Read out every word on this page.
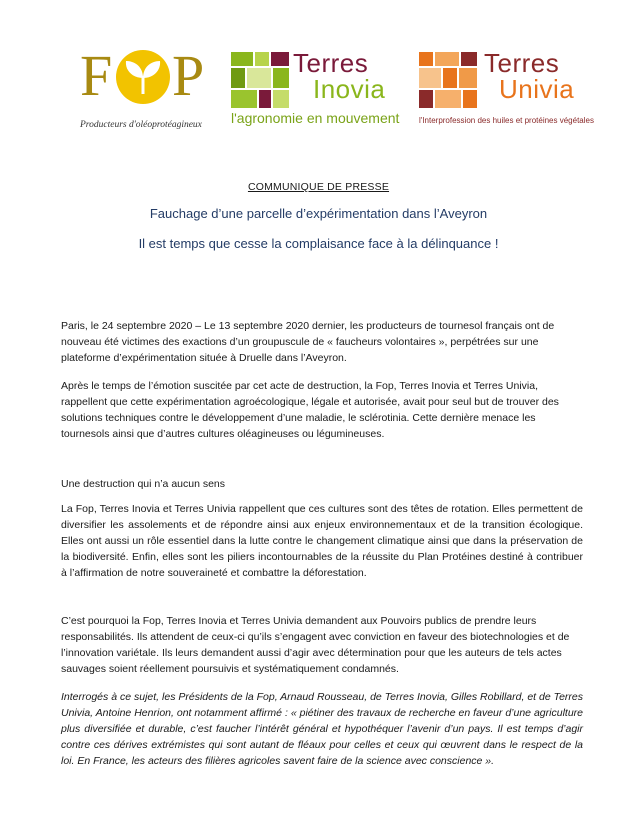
F P
Producteurs d'oléoprotéagineux
Terres
Inovia
l'agronomie en mouvement
Terres
Univia
l'Interprofession des huiles et protéines végétales
COMMUNIQUE DE PRESSE
Fauchage d’une parcelle d’expérimentation dans l’Aveyron
Il est temps que cesse la complaisance face à la délinquance !

Paris, le 24 septembre 2020 – Le 13 septembre 2020 dernier, les producteurs de tournesol français ont de nouveau été victimes des exactions d’un groupuscule de « faucheurs volontaires », perpétrées sur une plateforme d’expérimentation située à Druelle dans l’Aveyron.

Après le temps de l’émotion suscitée par cet acte de destruction, la Fop, Terres Inovia et Terres Univia, rappellent que cette expérimentation agroécologique, légale et autorisée, avait pour seul but de trouver des solutions techniques contre le développement d’une maladie, le sclérotinia. Cette dernière menace les tournesols ainsi que d’autres cultures oléagineuses ou légumineuses.

Une destruction qui n’a aucun sens

La Fop, Terres Inovia et Terres Univia rappellent que ces cultures sont des têtes de rotation. Elles permettent de diversifier les assolements et de répondre ainsi aux enjeux environnementaux et de la transition écologique. Elles ont aussi un rôle essentiel dans la lutte contre le changement climatique ainsi que dans la préservation de la biodiversité. Enfin, elles sont les piliers incontournables de la réussite du Plan Protéines destiné à contribuer à l’affirmation de notre souveraineté et combattre la déforestation.

C’est pourquoi la Fop, Terres Inovia et Terres Univia demandent aux Pouvoirs publics de prendre leurs responsabilités. Ils attendent de ceux-ci qu’ils s’engagent avec conviction en faveur des biotechnologies et de l’innovation variétale. Ils leurs demandent aussi d’agir avec détermination pour que les auteurs de tels actes sauvages soient réellement poursuivis et systématiquement condamnés.

Interrogés à ce sujet, les Présidents de la Fop, Arnaud Rousseau, de Terres Inovia, Gilles Robillard, et de Terres Univia, Antoine Henrion, ont notamment affirmé : « piétiner des travaux de recherche en faveur d’une agriculture plus diversifiée et durable, c’est faucher l’intérêt général et hypothéquer l’avenir d’un pays. Il est temps d’agir contre ces dérives extrémistes qui sont autant de fléaux pour celles et ceux qui œuvrent dans le respect de la loi. En France, les acteurs des filières agricoles savent faire de la science avec conscience ».
